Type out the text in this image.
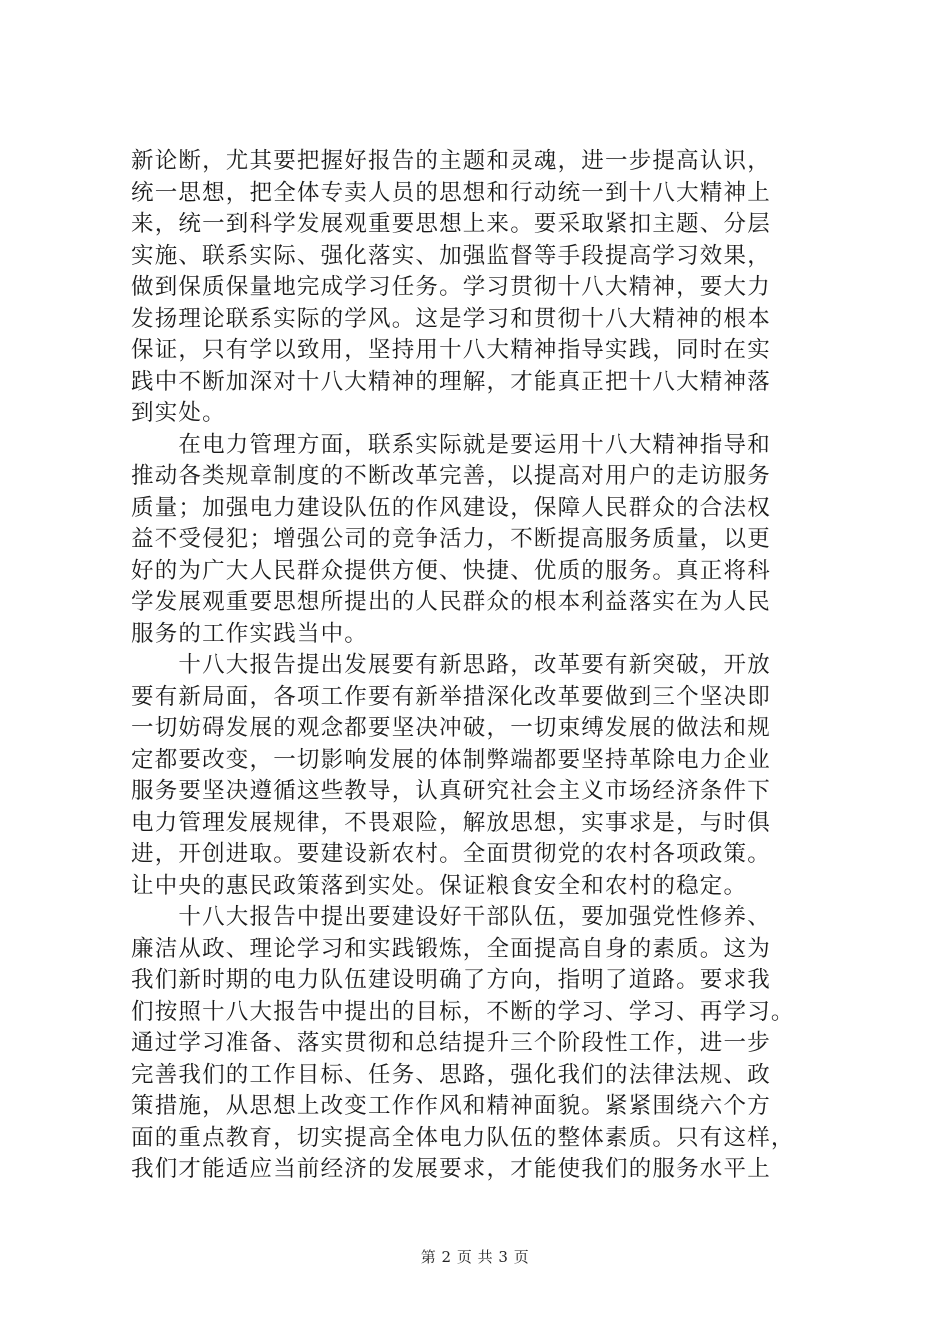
新论断，尤其要把握好报告的主题和灵魂，进一步提高认识，
统一思想，把全体专卖人员的思想和行动统一到十八大精神上
来，统一到科学发展观重要思想上来。要采取紧扣主题、分层
实施、联系实际、强化落实、加强监督等手段提高学习效果，
做到保质保量地完成学习任务。学习贯彻十八大精神，要大力
发扬理论联系实际的学风。这是学习和贯彻十八大精神的根本
保证，只有学以致用，坚持用十八大精神指导实践，同时在实
践中不断加深对十八大精神的理解，才能真正把十八大精神落
到实处。
　　在电力管理方面，联系实际就是要运用十八大精神指导和
推动各类规章制度的不断改革完善，以提高对用户的走访服务
质量；加强电力建设队伍的作风建设，保障人民群众的合法权
益不受侵犯；增强公司的竞争活力，不断提高服务质量，以更
好的为广大人民群众提供方便、快捷、优质的服务。真正将科
学发展观重要思想所提出的人民群众的根本利益落实在为人民
服务的工作实践当中。
　　十八大报告提出发展要有新思路，改革要有新突破，开放
要有新局面，各项工作要有新举措深化改革要做到三个坚决即
一切妨碍发展的观念都要坚决冲破，一切束缚发展的做法和规
定都要改变，一切影响发展的体制弊端都要坚持革除电力企业
服务要坚决遵循这些教导，认真研究社会主义市场经济条件下
电力管理发展规律，不畏艰险，解放思想，实事求是，与时俱
进，开创进取。要建设新农村。全面贯彻党的农村各项政策。
让中央的惠民政策落到实处。保证粮食安全和农村的稳定。
　　十八大报告中提出要建设好干部队伍，要加强党性修养、
廉洁从政、理论学习和实践锻炼，全面提高自身的素质。这为
我们新时期的电力队伍建设明确了方向，指明了道路。要求我
们按照十八大报告中提出的目标，不断的学习、学习、再学习。
通过学习准备、落实贯彻和总结提升三个阶段性工作，进一步
完善我们的工作目标、任务、思路，强化我们的法律法规、政
策措施，从思想上改变工作作风和精神面貌。紧紧围绕六个方
面的重点教育，切实提高全体电力队伍的整体素质。只有这样，
我们才能适应当前经济的发展要求，才能使我们的服务水平上
第 2 页 共 3 页
